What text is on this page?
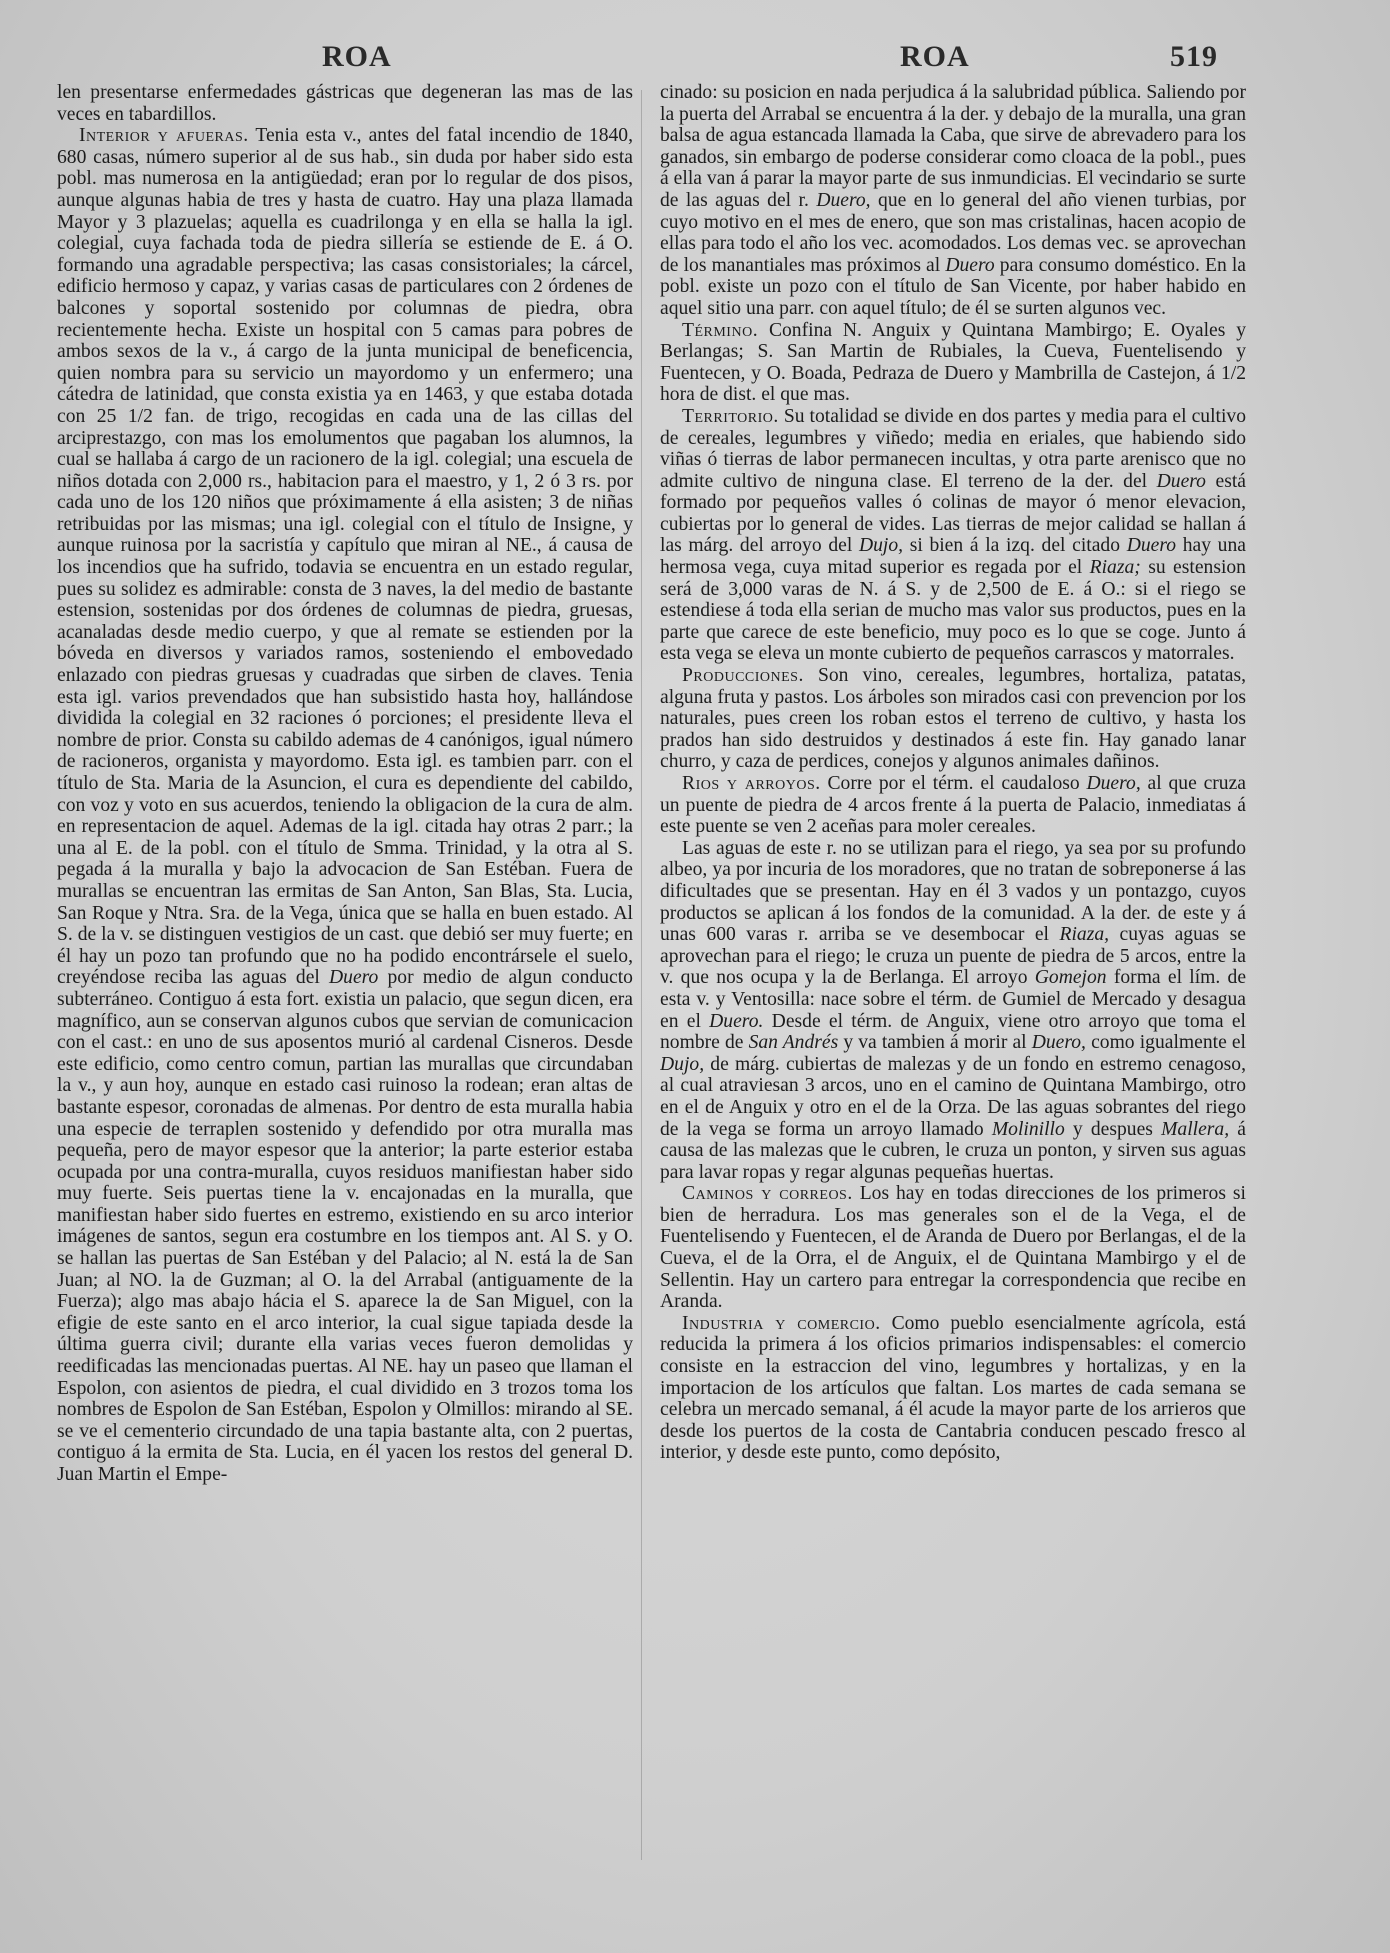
ROA	ROA	519

len presentarse enfermedades gástricas que degeneran las mas de las veces en tabardillos.

Interior y afueras. Tenia esta v., antes del fatal incendio de 1840, 680 casas, número superior al de sus hab., sin duda por haber sido esta pobl. mas numerosa en la antigüedad; eran por lo regular de dos pisos, aunque algunas habia de tres y hasta de cuatro. Hay una plaza llamada Mayor y 3 plazuelas; aquella es cuadrilonga y en ella se halla la igl. colegial, cuya fachada toda de piedra sillería se estiende de E. á O. formando una agradable perspectiva; las casas consistoriales; la cárcel, edificio hermoso y capaz, y varias casas de particulares con 2 órdenes de balcones y soportal sostenido por columnas de piedra, obra recientemente hecha. Existe un hospital con 5 camas para pobres de ambos sexos de la v., á cargo de la junta municipal de beneficencia, quien nombra para su servicio un mayordomo y un enfermero; una cátedra de latinidad, que consta existia ya en 1463, y que estaba dotada con 25 1/2 fan. de trigo, recogidas en cada una de las cillas del arciprestazgo, con mas los emolumentos que pagaban los alumnos, la cual se hallaba á cargo de un racionero de la igl. colegial; una escuela de niños dotada con 2,000 rs., habitacion para el maestro, y 1, 2 ó 3 rs. por cada uno de los 120 niños que próximamente á ella asisten; 3 de niñas retribuidas por las mismas; una igl. colegial con el título de Insigne, y aunque ruinosa por la sacristía y capítulo que miran al NE., á causa de los incendios que ha sufrido, todavia se encuentra en un estado regular, pues su solidez es admirable: consta de 3 naves, la del medio de bastante estension, sostenidas por dos órdenes de columnas de piedra, gruesas, acanaladas desde medio cuerpo, y que al remate se estienden por la bóveda en diversos y variados ramos, sosteniendo el embovedado enlazado con piedras gruesas y cuadradas que sirben de claves. Tenia esta igl. varios prevendados que han subsistido hasta hoy, hallándose dividida la colegial en 32 raciones ó porciones; el presidente lleva el nombre de prior. Consta su cabildo ademas de 4 canónigos, igual número de racioneros, organista y mayordomo. Esta igl. es tambien parr. con el título de Sta. Maria de la Asuncion, el cura es dependiente del cabildo, con voz y voto en sus acuerdos, teniendo la obligacion de la cura de alm. en representacion de aquel. Ademas de la igl. citada hay otras 2 parr.; la una al E. de la pobl. con el título de Smma. Trinidad, y la otra al S. pegada á la muralla y bajo la advocacion de San Estéban. Fuera de murallas se encuentran las ermitas de San Anton, San Blas, Sta. Lucia, San Roque y Ntra. Sra. de la Vega, única que se halla en buen estado. Al S. de la v. se distinguen vestigios de un cast. que debió ser muy fuerte; en él hay un pozo tan profundo que no ha podido encontrársele el suelo, creyéndose reciba las aguas del Duero por medio de algun conducto subterráneo. Contiguo á esta fort. existia un palacio, que segun dicen, era magnífico, aun se conservan algunos cubos que servian de comunicacion con el cast.: en uno de sus aposentos murió al cardenal Cisneros. Desde este edificio, como centro comun, partian las murallas que circundaban la v., y aun hoy, aunque en estado casi ruinoso la rodean; eran altas de bastante espesor, coronadas de almenas. Por dentro de esta muralla habia una especie de terraplen sostenido y defendido por otra muralla mas pequeña, pero de mayor espesor que la anterior; la parte esterior estaba ocupada por una contra-muralla, cuyos residuos manifiestan haber sido muy fuerte. Seis puertas tiene la v. encajonadas en la muralla, que manifiestan haber sido fuertes en estremo, existiendo en su arco interior imágenes de santos, segun era costumbre en los tiempos ant. Al S. y O. se hallan las puertas de San Estéban y del Palacio; al N. está la de San Juan; al NO. la de Guzman; al O. la del Arrabal (antiguamente de la Fuerza); algo mas abajo hácia el S. aparece la de San Miguel, con la efigie de este santo en el arco interior, la cual sigue tapiada desde la última guerra civil; durante ella varias veces fueron demolidas y reedificadas las mencionadas puertas. Al NE. hay un paseo que llaman el Espolon, con asientos de piedra, el cual dividido en 3 trozos toma los nombres de Espolon de San Estéban, Espolon y Olmillos: mirando al SE. se ve el cementerio circundado de una tapia bastante alta, con 2 puertas, contiguo á la ermita de Sta. Lucia, en él yacen los restos del general D. Juan Martin el Empe-

cinado: su posicion en nada perjudica á la salubridad pública. Saliendo por la puerta del Arrabal se encuentra á la der. y debajo de la muralla, una gran balsa de agua estancada llamada la Caba, que sirve de abrevadero para los ganados, sin embargo de poderse considerar como cloaca de la pobl., pues á ella van á parar la mayor parte de sus inmundicias. El vecindario se surte de las aguas del r. Duero, que en lo general del año vienen turbias, por cuyo motivo en el mes de enero, que son mas cristalinas, hacen acopio de ellas para todo el año los vec. acomodados. Los demas vec. se aprovechan de los manantiales mas próximos al Duero para consumo doméstico. En la pobl. existe un pozo con el título de San Vicente, por haber habido en aquel sitio una parr. con aquel título; de él se surten algunos vec.

Término. Confina N. Anguix y Quintana Mambirgo; E. Oyales y Berlangas; S. San Martin de Rubiales, la Cueva, Fuentelisendo y Fuentecen, y O. Boada, Pedraza de Duero y Mambrilla de Castejon, á 1/2 hora de dist. el que mas.

Territorio. Su totalidad se divide en dos partes y media para el cultivo de cereales, legumbres y viñedo; media en eriales, que habiendo sido viñas ó tierras de labor permanecen incultas, y otra parte arenisco que no admite cultivo de ninguna clase. El terreno de la der. del Duero está formado por pequeños valles ó colinas de mayor ó menor elevacion, cubiertas por lo general de vides. Las tierras de mejor calidad se hallan á las márg. del arroyo del Dujo, si bien á la izq. del citado Duero hay una hermosa vega, cuya mitad superior es regada por el Riaza; su estension será de 3,000 varas de N. á S. y de 2,500 de E. á O.: si el riego se estendiese á toda ella serian de mucho mas valor sus productos, pues en la parte que carece de este beneficio, muy poco es lo que se coge. Junto á esta vega se eleva un monte cubierto de pequeños carrascos y matorrales.

Producciones. Son vino, cereales, legumbres, hortaliza, patatas, alguna fruta y pastos. Los árboles son mirados casi con prevencion por los naturales, pues creen los roban estos el terreno de cultivo, y hasta los prados han sido destruidos y destinados á este fin. Hay ganado lanar churro, y caza de perdices, conejos y algunos animales dañinos.

Rios y arroyos. Corre por el térm. el caudaloso Duero, al que cruza un puente de piedra de 4 arcos frente á la puerta de Palacio, inmediatas á este puente se ven 2 aceñas para moler cereales.

Las aguas de este r. no se utilizan para el riego, ya sea por su profundo albeo, ya por incuria de los moradores, que no tratan de sobreponerse á las dificultades que se presentan. Hay en él 3 vados y un pontazgo, cuyos productos se aplican á los fondos de la comunidad. A la der. de este y á unas 600 varas r. arriba se ve desembocar el Riaza, cuyas aguas se aprovechan para el riego; le cruza un puente de piedra de 5 arcos, entre la v. que nos ocupa y la de Berlanga. El arroyo Gomejon forma el lím. de esta v. y Ventosilla: nace sobre el térm. de Gumiel de Mercado y desagua en el Duero. Desde el térm. de Anguix, viene otro arroyo que toma el nombre de San Andrés y va tambien á morir al Duero, como igualmente el Dujo, de márg. cubiertas de malezas y de un fondo en estremo cenagoso, al cual atraviesan 3 arcos, uno en el camino de Quintana Mambirgo, otro en el de Anguix y otro en el de la Orza. De las aguas sobrantes del riego de la vega se forma un arroyo llamado Molinillo y despues Mallera, á causa de las malezas que le cubren, le cruza un ponton, y sirven sus aguas para lavar ropas y regar algunas pequeñas huertas.

Caminos y correos. Los hay en todas direcciones de los primeros si bien de herradura. Los mas generales son el de la Vega, el de Fuentelisendo y Fuentecen, el de Aranda de Duero por Berlangas, el de la Cueva, el de la Orra, el de Anguix, el de Quintana Mambirgo y el de Sellentin. Hay un cartero para entregar la correspondencia que recibe en Aranda.

Industria y comercio. Como pueblo esencialmente agrícola, está reducida la primera á los oficios primarios indispensables: el comercio consiste en la estraccion del vino, legumbres y hortalizas, y en la importacion de los artículos que faltan. Los martes de cada semana se celebra un mercado semanal, á él acude la mayor parte de los arrieros que desde los puertos de la costa de Cantabria conducen pescado fresco al interior, y desde este punto, como depósito,
